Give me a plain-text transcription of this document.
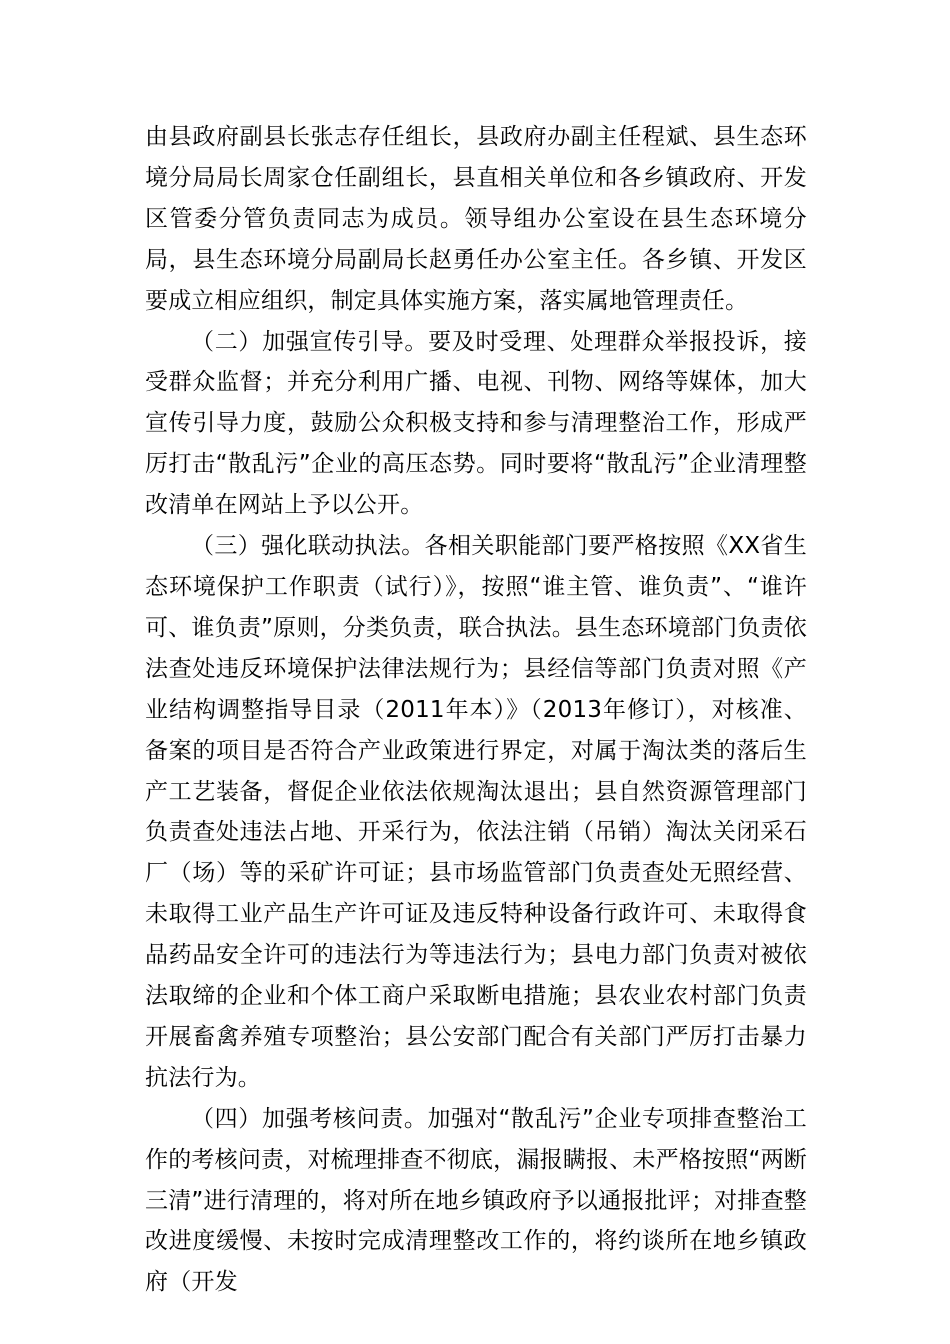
由县政府副县长张志存任组长，县政府办副主任程斌、县生态环境分局局长周家仓任副组长，县直相关单位和各乡镇政府、开发区管委分管负责同志为成员。领导组办公室设在县生态环境分局，县生态环境分局副局长赵勇任办公室主任。各乡镇、开发区要成立相应组织，制定具体实施方案，落实属地管理责任。

（二）加强宣传引导。要及时受理、处理群众举报投诉，接受群众监督；并充分利用广播、电视、刊物、网络等媒体，加大宣传引导力度，鼓励公众积极支持和参与清理整治工作，形成严厉打击“散乱污”企业的高压态势。同时要将“散乱污”企业清理整改清单在网站上予以公开。

（三）强化联动执法。各相关职能部门要严格按照《XX省生态环境保护工作职责（试行）》，按照“谁主管、谁负责”、“谁许可、谁负责”原则，分类负责，联合执法。县生态环境部门负责依法查处违反环境保护法律法规行为；县经信等部门负责对照《产业结构调整指导目录（2011年本）》（2013年修订），对核准、备案的项目是否符合产业政策进行界定，对属于淘汰类的落后生产工艺装备，督促企业依法依规淘汰退出；县自然资源管理部门负责查处违法占地、开采行为，依法注销（吊销）淘汰关闭采石厂（场）等的采矿许可证；县市场监管部门负责查处无照经营、未取得工业产品生产许可证及违反特种设备行政许可、未取得食品药品安全许可的违法行为等违法行为；县电力部门负责对被依法取缔的企业和个体工商户采取断电措施；县农业农村部门负责开展畜禽养殖专项整治；县公安部门配合有关部门严厉打击暴力抗法行为。

（四）加强考核问责。加强对“散乱污”企业专项排查整治工作的考核问责，对梳理排查不彻底，漏报瞒报、未严格按照“两断三清”进行清理的，将对所在地乡镇政府予以通报批评；对排查整改进度缓慢、未按时完成清理整改工作的，将约谈所在地乡镇政府（开发
